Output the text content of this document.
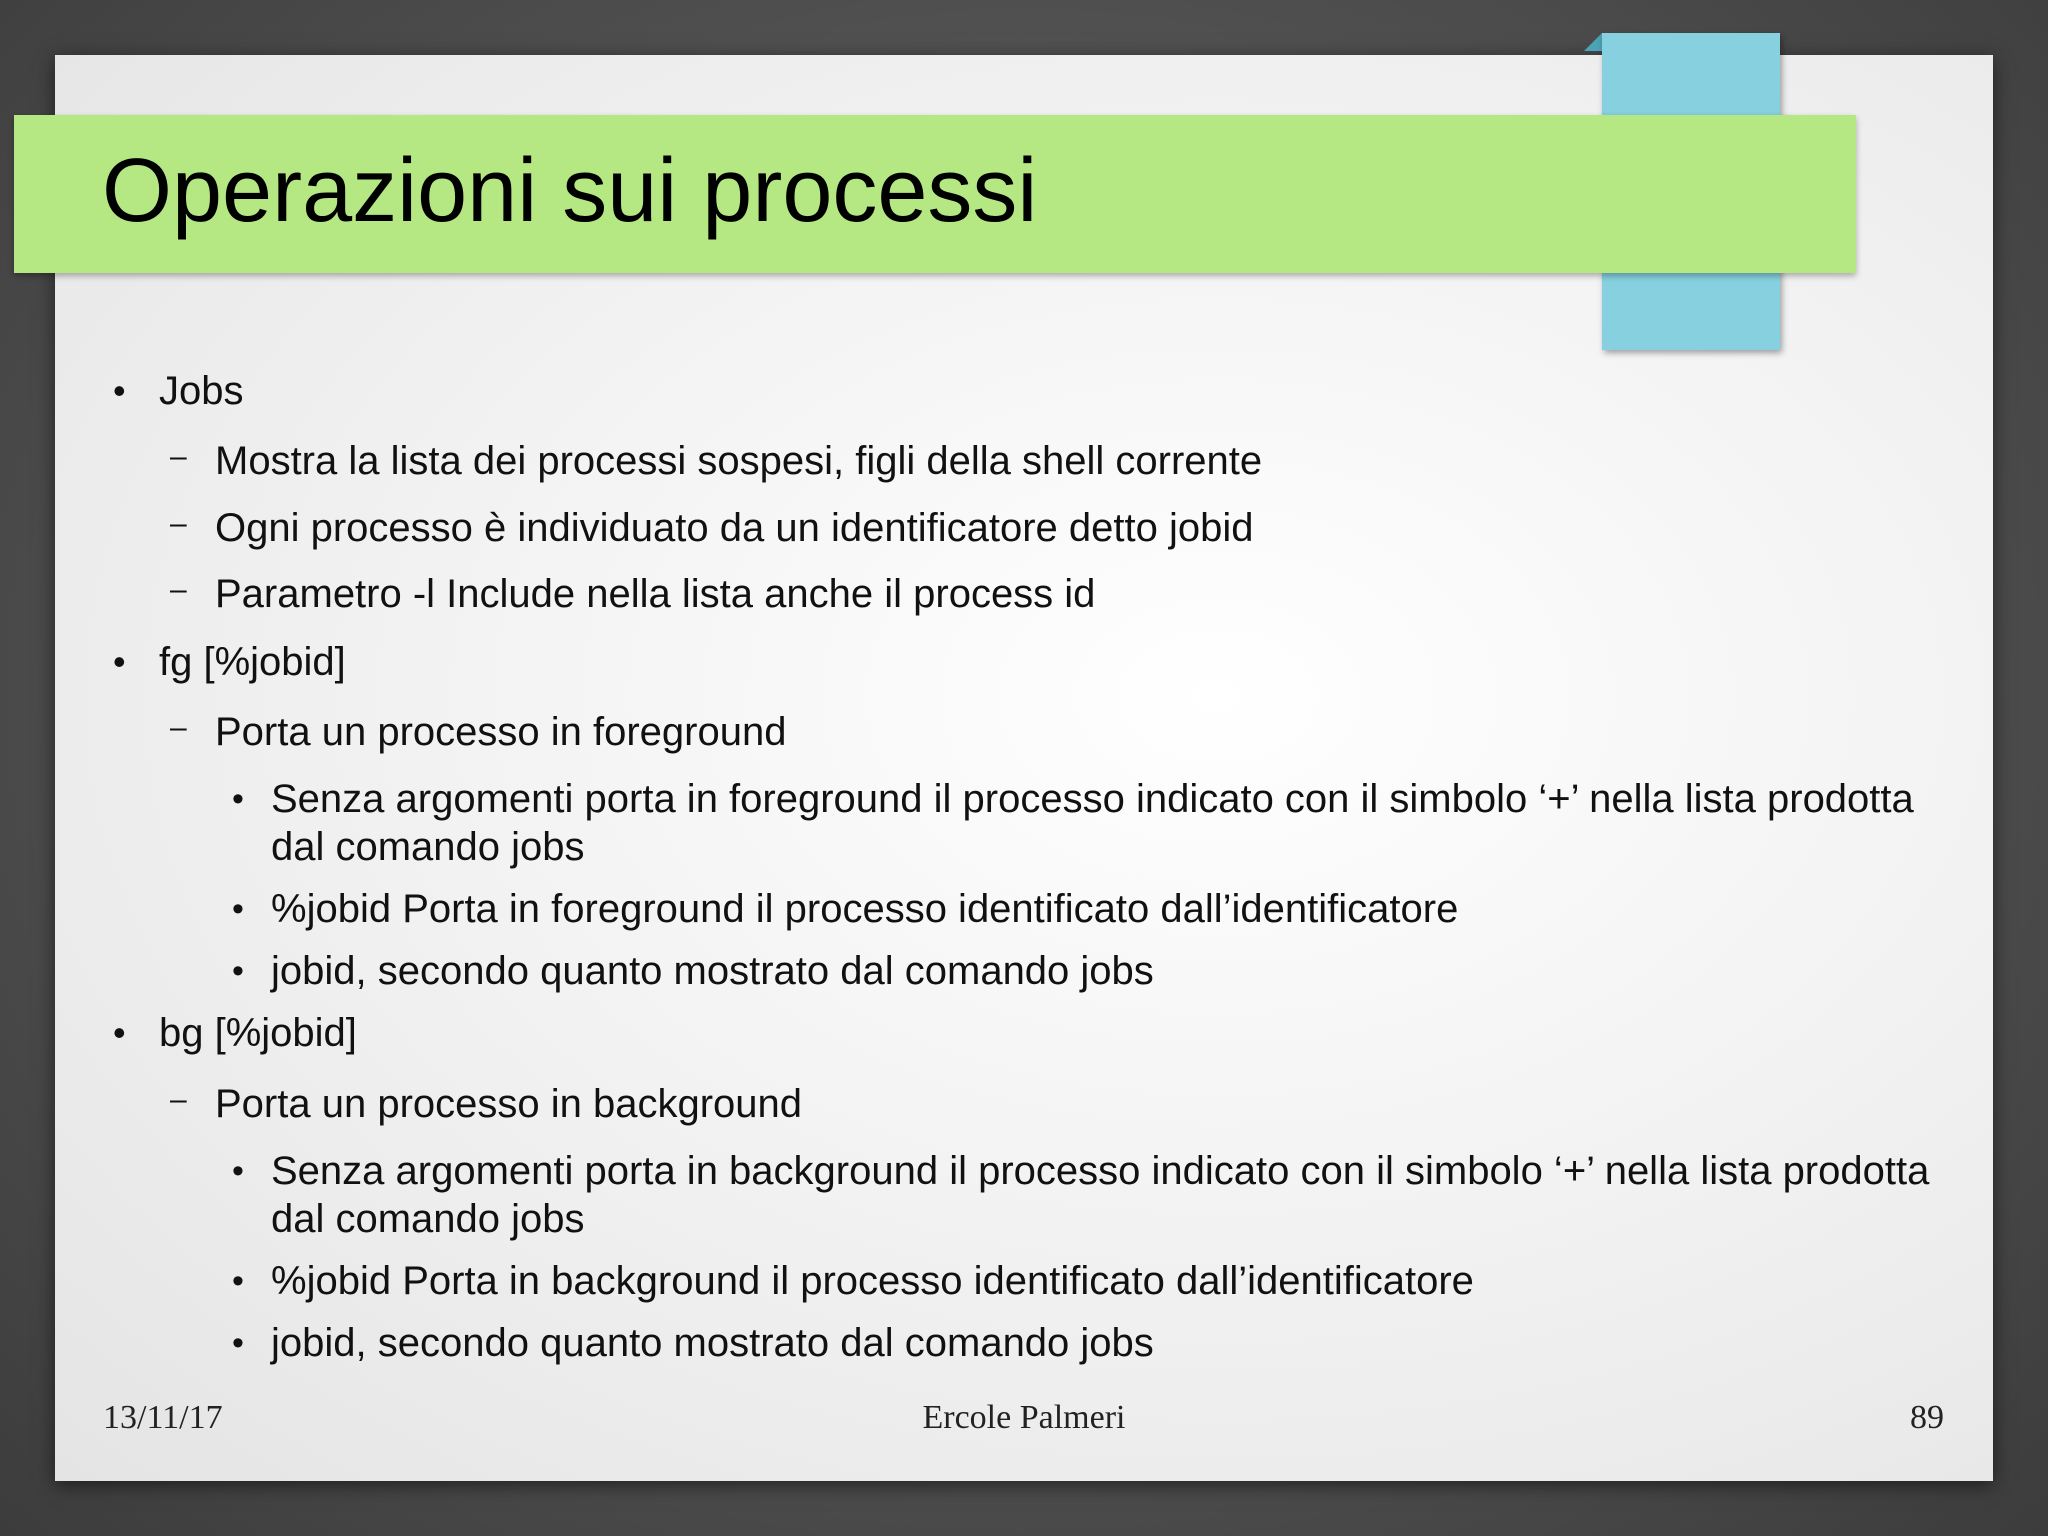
Operazioni sui processi
• Jobs
– Mostra la lista dei processi sospesi, figli della shell corrente
– Ogni processo è individuato da un identificatore detto jobid
– Parametro -l Include nella lista anche il process id
• fg [%jobid]
– Porta un processo in foreground
• Senza argomenti porta in foreground il processo indicato con il simbolo ‘+’ nella lista prodotta dal comando jobs
• %jobid Porta in foreground il processo identificato dall’identificatore
• jobid, secondo quanto mostrato dal comando jobs
• bg [%jobid]
– Porta un processo in background
• Senza argomenti porta in background il processo indicato con il simbolo ‘+’ nella lista prodotta dal comando jobs
• %jobid Porta in background il processo identificato dall’identificatore
• jobid, secondo quanto mostrato dal comando jobs
13/11/17	Ercole Palmeri	89
